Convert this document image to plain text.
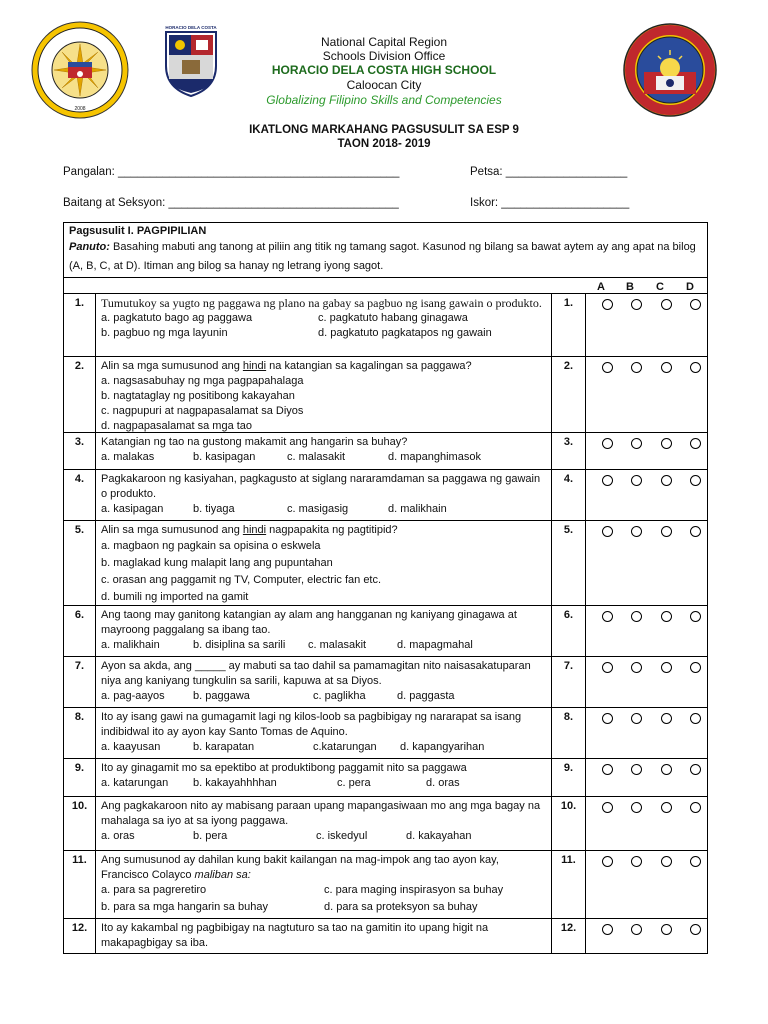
2008
HORACIO DELA COSTA
National Capital Region
Schools Division Office
HORACIO DELA COSTA HIGH SCHOOL
Caloocan City
Globalizing Filipino Skills and Competencies
IKATLONG MARKAHANG PAGSUSULIT SA ESP 9
TAON 2018- 2019
Pangalan: ____________________________________________	Petsa: ___________________
Baitang at Seksyon: ____________________________________	Iskor: ____________________
Pagsusulit I. PAGPIPILIAN
Panuto: Basahing mabuti ang tanong at piliin ang titik ng tamang sagot. Kasunod ng bilang sa bawat aytem ay ang apat na bilog (A, B, C, at D). Itiman ang bilog sa hanay ng letrang iyong sagot.
A B C D
1.	Tumutukoy sa yugto ng paggawa ng plano na gabay sa pagbuo ng isang gawain o produkto.
a. pagkatuto bago ag paggawa	c. pagkatuto habang ginagawa
b. pagbuo ng mga layunin	d. pagkatuto pagkatapos ng gawain
1.
2.	Alin sa mga sumusunod ang hindi na katangian sa kagalingan sa paggawa?
a. nagsasabuhay ng mga pagpapahalaga
b. nagtataglay ng positibong kakayahan
c. nagpupuri at nagpapasalamat sa Diyos
d. nagpapasalamat sa mga tao
2.
3.	Katangian ng tao na gustong makamit ang hangarin sa buhay?
a. malakas	b. kasipagan	c. malasakit	d. mapanghimasok
3.
4.	Pagkakaroon ng kasiyahan, pagkagusto at siglang nararamdaman sa paggawa ng gawain o produkto.
a. kasipagan	b. tiyaga	c. masigasig	d. malikhain
4.
5.	Alin sa mga sumusunod ang hindi nagpapakita ng pagtitipid?
a. magbaon ng pagkain sa opisina o eskwela
b. maglakad kung malapit lang ang pupuntahan
c. orasan ang paggamit ng TV, Computer, electric fan etc.
d. bumili ng imported na gamit
5.
6.	Ang taong may ganitong katangian ay alam ang hangganan ng kaniyang ginagawa at mayroong paggalang sa ibang tao.
a. malikhain	b. disiplina sa sarili c. malasakit	d. mapagmahal
6.
7.	Ayon sa akda, ang _____ ay mabuti sa tao dahil sa pamamagitan nito naisasakatuparan niya ang kaniyang tungkulin sa sarili, kapuwa at sa Diyos.
a. pag-aayos	b. paggawa	c. paglikha	d. paggasta
7.
8.	Ito ay isang gawi na gumagamit lagi ng kilos-loob sa pagbibigay ng nararapat sa isang indibidwal ito ay ayon kay Santo Tomas de Aquino.
a. kaayusan	b. karapatan	c.katarungan d. kapangyarihan
8.
9.	Ito ay ginagamit mo sa epektibo at produktibong paggamit nito sa paggawa
a. katarungan b. kakayahhhhan	c. pera	d. oras
9.
10.	Ang pagkakaroon nito ay mabisang paraan upang mapangasiwaan mo ang mga bagay na mahalaga sa iyo at sa iyong paggawa.
a. oras	b. pera	c. iskedyul	d. kakayahan
10.
11.	Ang sumusunod ay dahilan kung bakit kailangan na mag-impok ang tao ayon kay, Francisco Colayco maliban sa:
a. para sa pagreretiro	c. para maging inspirasyon sa buhay
b. para sa mga hangarin sa buhay	d. para sa proteksyon sa buhay
11.
12.	Ito ay kakambal ng pagbibigay na nagtuturo sa tao na gamitin ito upang higit na makapagbigay sa iba.
12.
